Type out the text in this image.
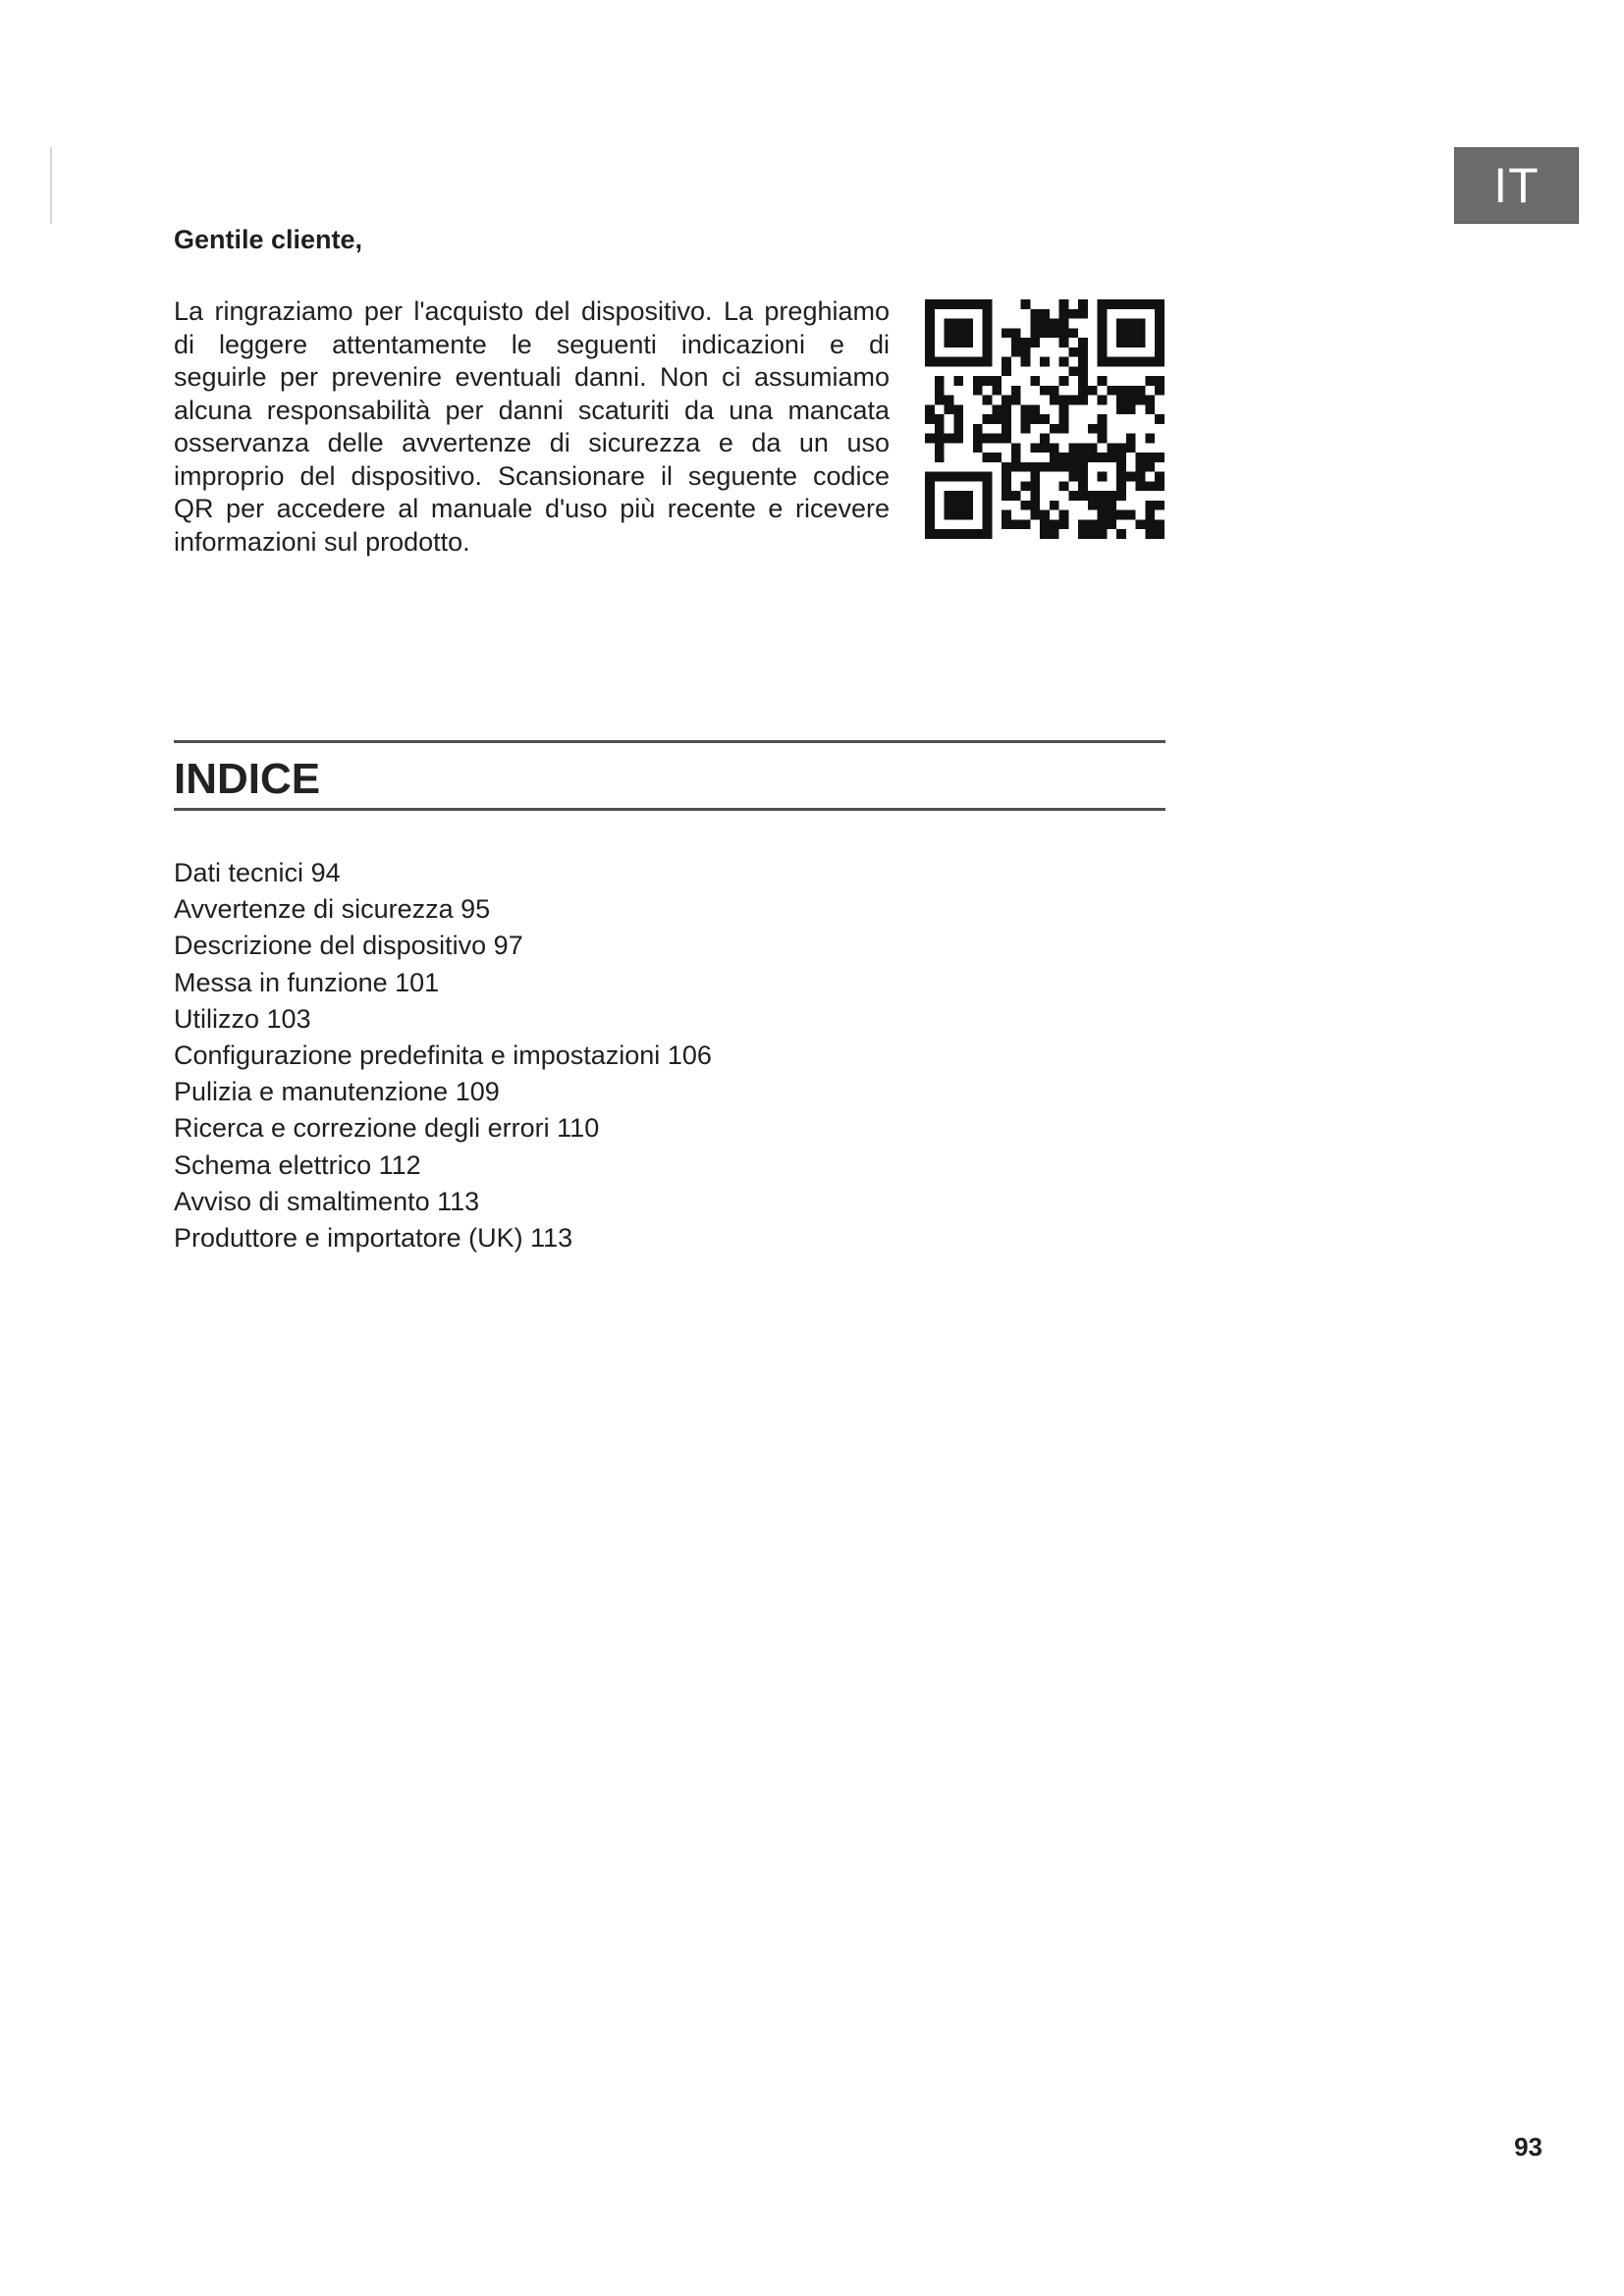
IT
Gentile cliente,
La ringraziamo per l'acquisto del dispositivo. La preghiamo
di leggere attentamente le seguenti indicazioni e di
seguirle per prevenire eventuali danni. Non ci assumiamo
alcuna responsabilità per danni scaturiti da una mancata
osservanza delle avvertenze di sicurezza e da un uso
improprio del dispositivo. Scansionare il seguente codice
QR per accedere al manuale d'uso più recente e ricevere
informazioni sul prodotto.
INDICE
Dati tecnici 94
Avvertenze di sicurezza 95
Descrizione del dispositivo 97
Messa in funzione 101
Utilizzo 103
Configurazione predefinita e impostazioni 106
Pulizia e manutenzione 109
Ricerca e correzione degli errori 110
Schema elettrico 112
Avviso di smaltimento 113
Produttore e importatore (UK) 113
93
